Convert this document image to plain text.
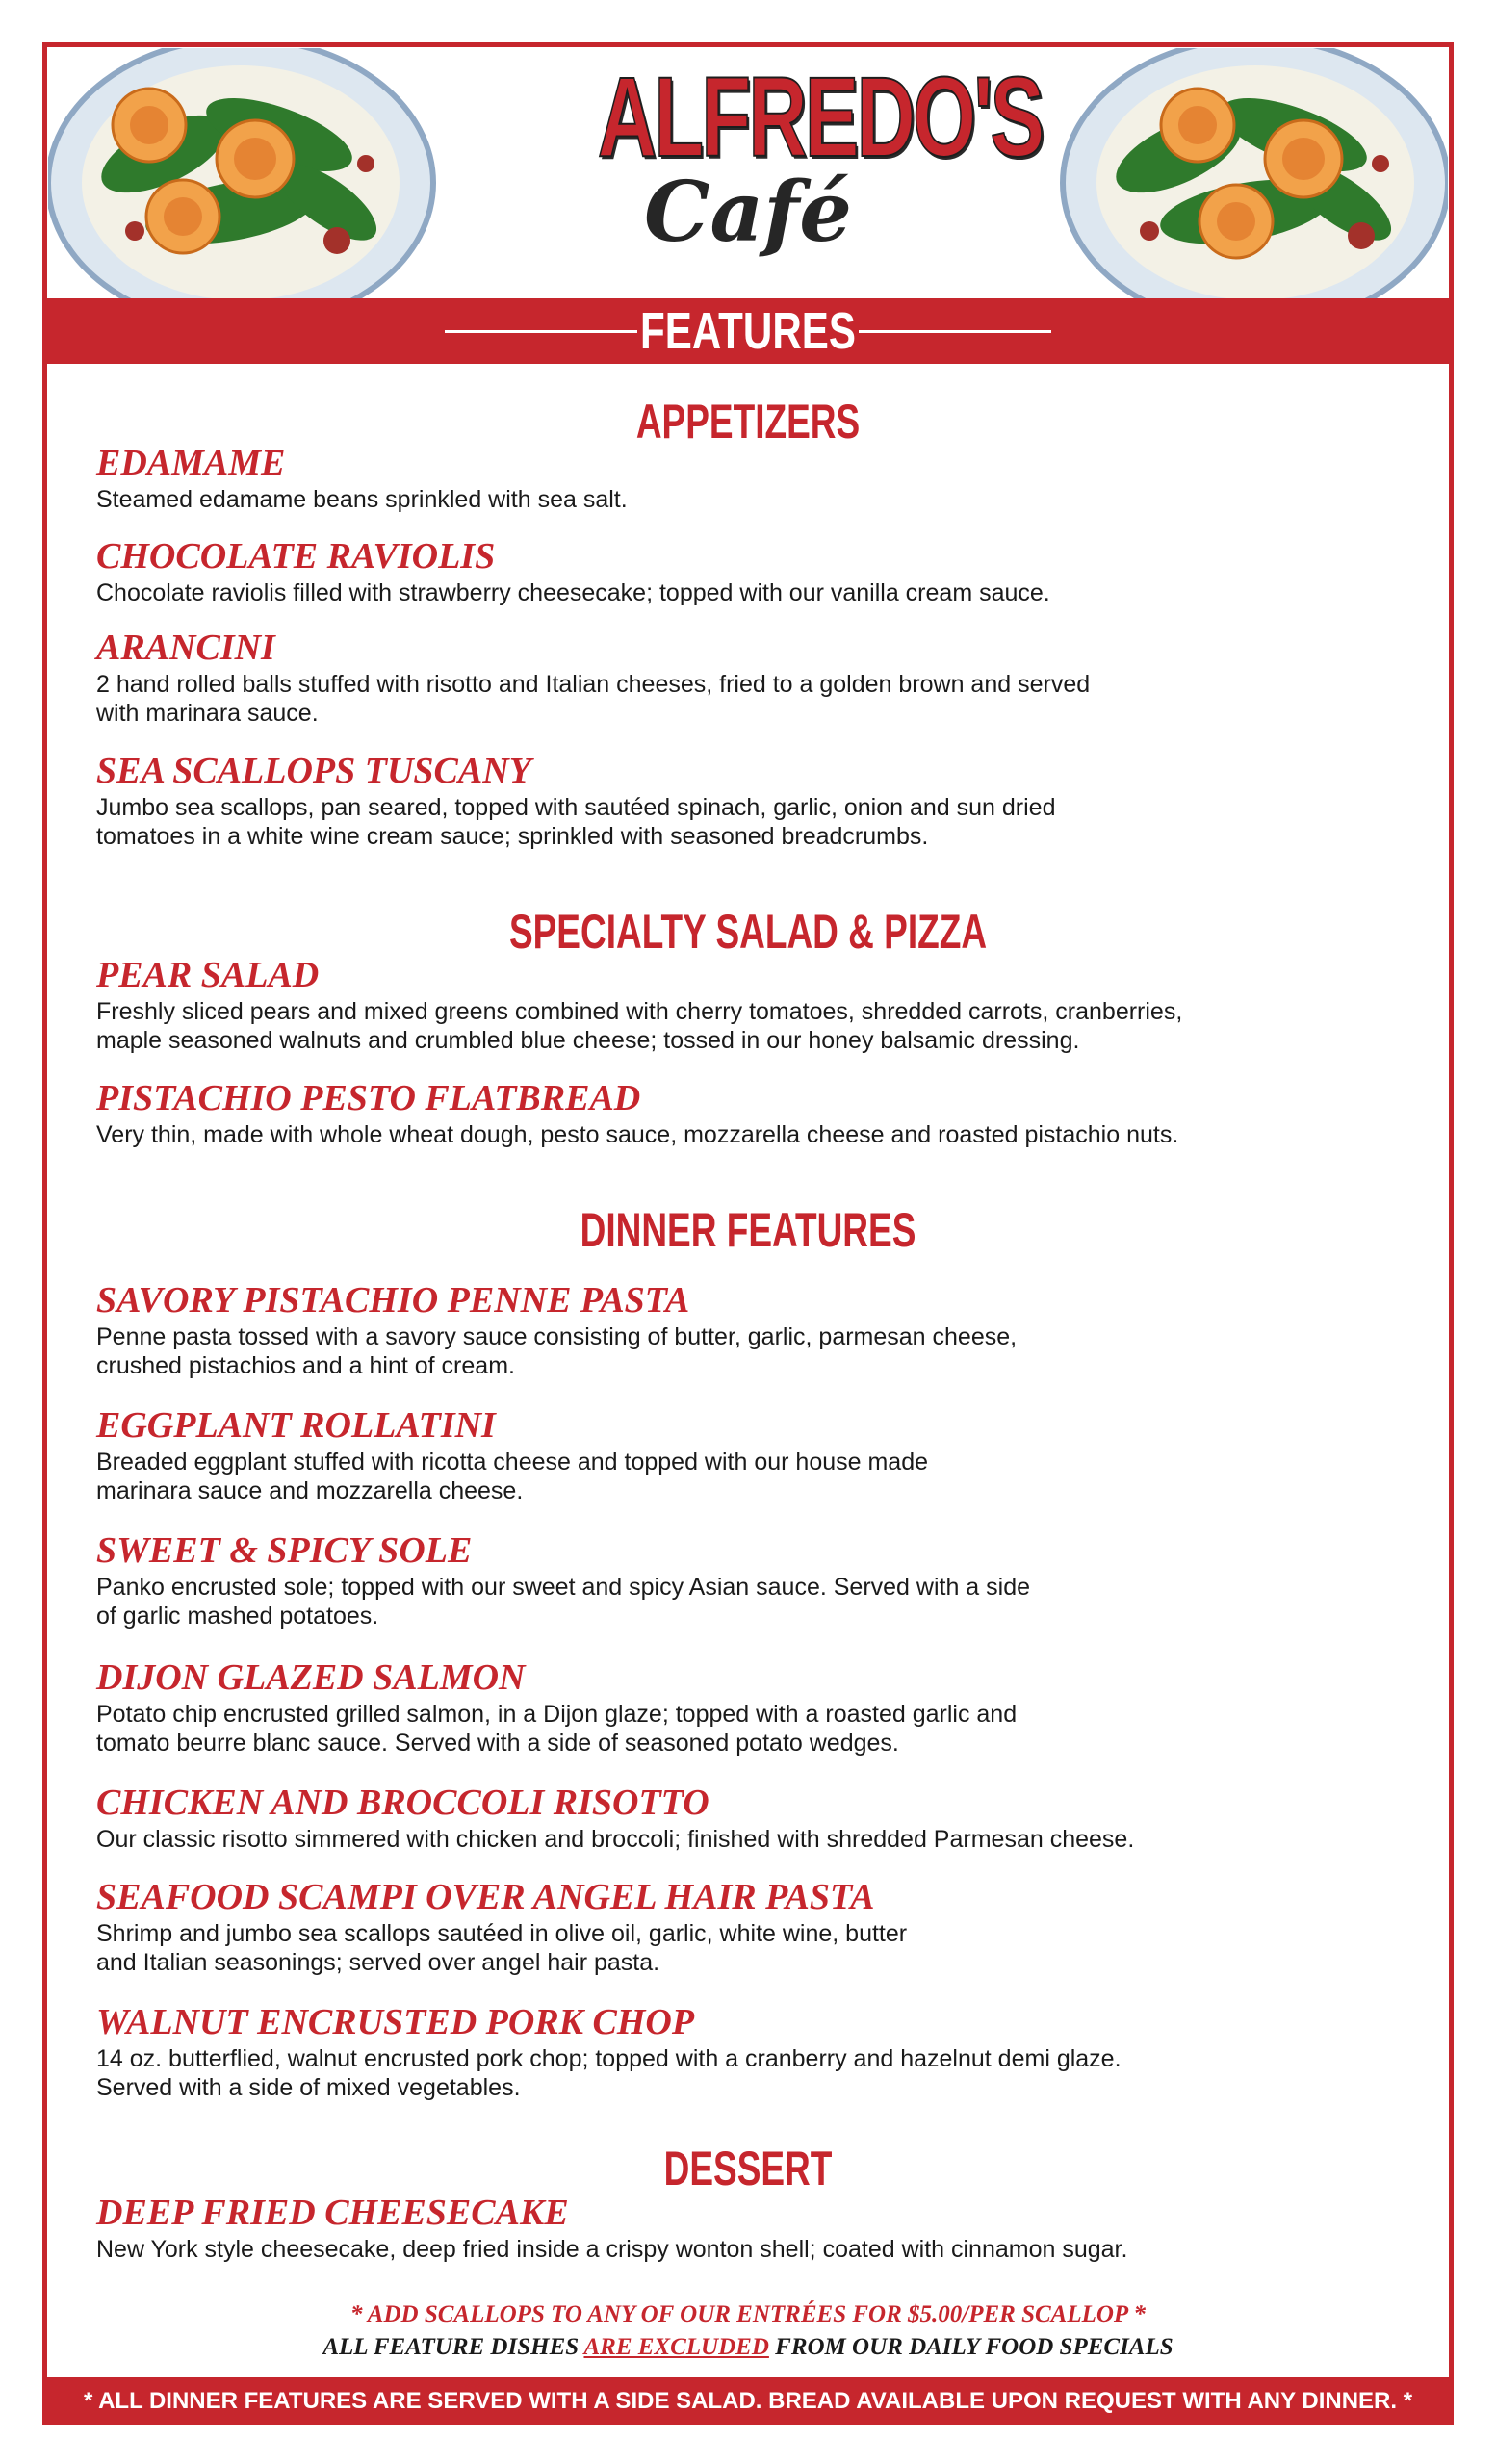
ALFREDO'S
Café
FEATURES
APPETIZERS
EDAMAME
Steamed edamame beans sprinkled with sea salt.
CHOCOLATE RAVIOLIS
Chocolate raviolis filled with strawberry cheesecake; topped with our vanilla cream sauce.
ARANCINI
2 hand rolled balls stuffed with risotto and Italian cheeses, fried to a golden brown and served
with marinara sauce.
SEA SCALLOPS TUSCANY
Jumbo sea scallops, pan seared, topped with sautéed spinach, garlic, onion and sun dried
tomatoes in a white wine cream sauce; sprinkled with seasoned breadcrumbs.
SPECIALTY SALAD & PIZZA
PEAR SALAD
Freshly sliced pears and mixed greens combined with cherry tomatoes, shredded carrots, cranberries,
maple seasoned walnuts and crumbled blue cheese; tossed in our honey balsamic dressing.
PISTACHIO PESTO FLATBREAD
Very thin, made with whole wheat dough, pesto sauce, mozzarella cheese and roasted pistachio nuts.
DINNER FEATURES
SAVORY PISTACHIO PENNE PASTA
Penne pasta tossed with a savory sauce consisting of butter, garlic, parmesan cheese,
crushed pistachios and a hint of cream.
EGGPLANT ROLLATINI
Breaded eggplant stuffed with ricotta cheese and topped with our house made
marinara sauce and mozzarella cheese.
SWEET & SPICY SOLE
Panko encrusted sole; topped with our sweet and spicy Asian sauce. Served with a side
of garlic mashed potatoes.
DIJON GLAZED SALMON
Potato chip encrusted grilled salmon, in a Dijon glaze; topped with a roasted garlic and
tomato beurre blanc sauce. Served with a side of seasoned potato wedges.
CHICKEN AND BROCCOLI RISOTTO
Our classic risotto simmered with chicken and broccoli; finished with shredded Parmesan cheese.
SEAFOOD SCAMPI OVER ANGEL HAIR PASTA
Shrimp and jumbo sea scallops sautéed in olive oil, garlic, white wine, butter
and Italian seasonings; served over angel hair pasta.
WALNUT ENCRUSTED PORK CHOP
14 oz. butterflied, walnut encrusted pork chop; topped with a cranberry and hazelnut demi glaze.
Served with a side of mixed vegetables.
DESSERT
DEEP FRIED CHEESECAKE
New York style cheesecake, deep fried inside a crispy wonton shell; coated with cinnamon sugar.
* ADD SCALLOPS TO ANY OF OUR ENTRÉES FOR $5.00/PER SCALLOP *
ALL FEATURE DISHES ARE EXCLUDED FROM OUR DAILY FOOD SPECIALS
* ALL DINNER FEATURES ARE SERVED WITH A SIDE SALAD. BREAD AVAILABLE UPON REQUEST WITH ANY DINNER. *
